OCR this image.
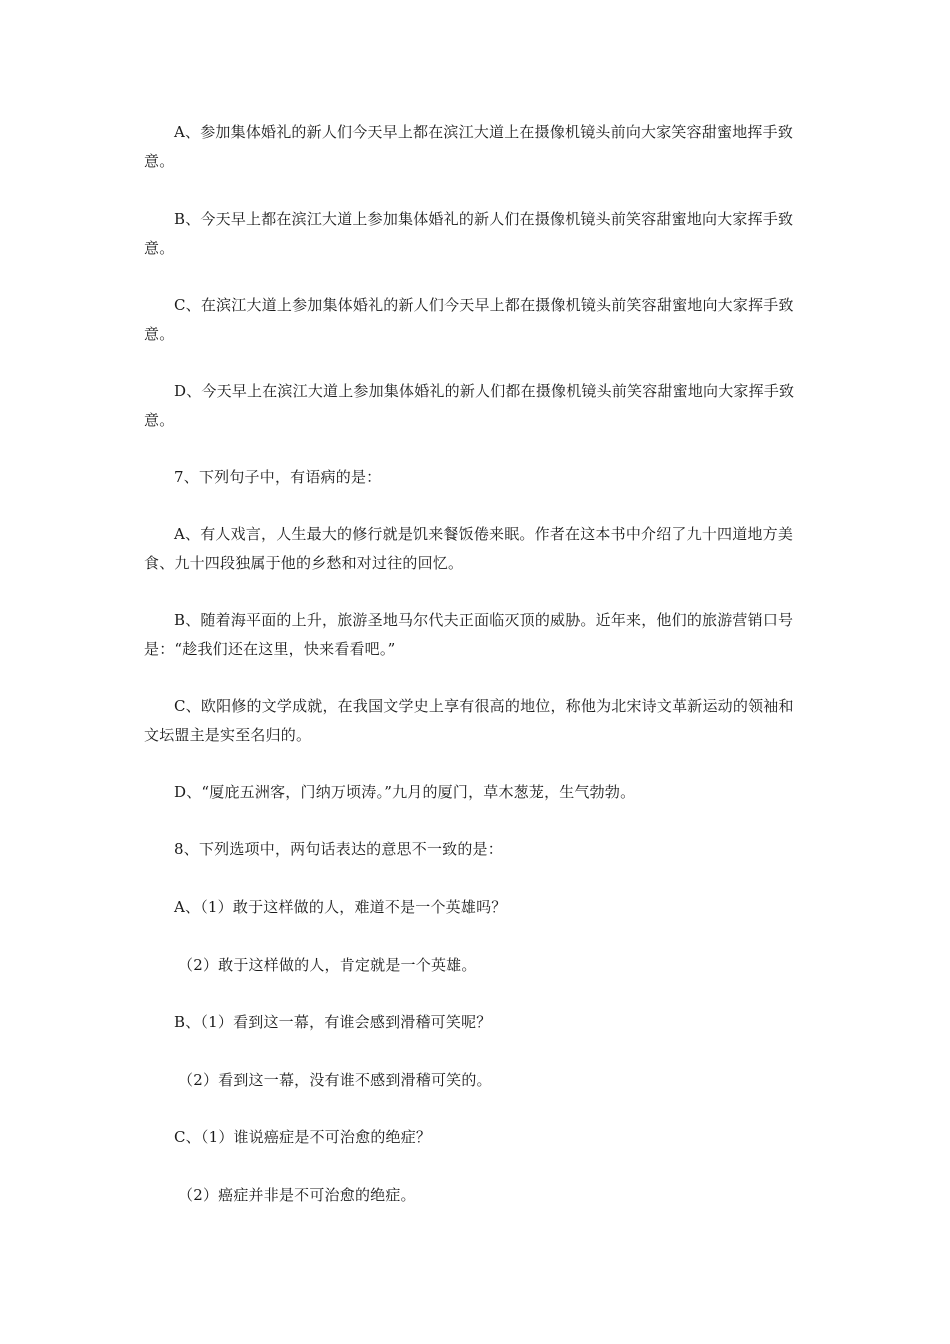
A、参加集体婚礼的新人们今天早上都在滨江大道上在摄像机镜头前向大家笑容甜蜜地挥手致意。

B、今天早上都在滨江大道上参加集体婚礼的新人们在摄像机镜头前笑容甜蜜地向大家挥手致意。

C、在滨江大道上参加集体婚礼的新人们今天早上都在摄像机镜头前笑容甜蜜地向大家挥手致意。

D、今天早上在滨江大道上参加集体婚礼的新人们都在摄像机镜头前笑容甜蜜地向大家挥手致意。

7、下列句子中，有语病的是：

A、有人戏言，人生最大的修行就是饥来餐饭倦来眠。作者在这本书中介绍了九十四道地方美食、九十四段独属于他的乡愁和对过往的回忆。

B、随着海平面的上升，旅游圣地马尔代夫正面临灭顶的威胁。近年来，他们的旅游营销口号是：“趁我们还在这里，快来看看吧。”

C、欧阳修的文学成就，在我国文学史上享有很高的地位，称他为北宋诗文革新运动的领袖和文坛盟主是实至名归的。

D、“厦庇五洲客，门纳万顷涛。”九月的厦门，草木葱茏，生气勃勃。

8、下列选项中，两句话表达的意思不一致的是：

A、（1）敢于这样做的人，难道不是一个英雄吗？

（2）敢于这样做的人，肯定就是一个英雄。

B、（1）看到这一幕，有谁会感到滑稽可笑呢？

（2）看到这一幕，没有谁不感到滑稽可笑的。

C、（1）谁说癌症是不可治愈的绝症？

（2）癌症并非是不可治愈的绝症。
